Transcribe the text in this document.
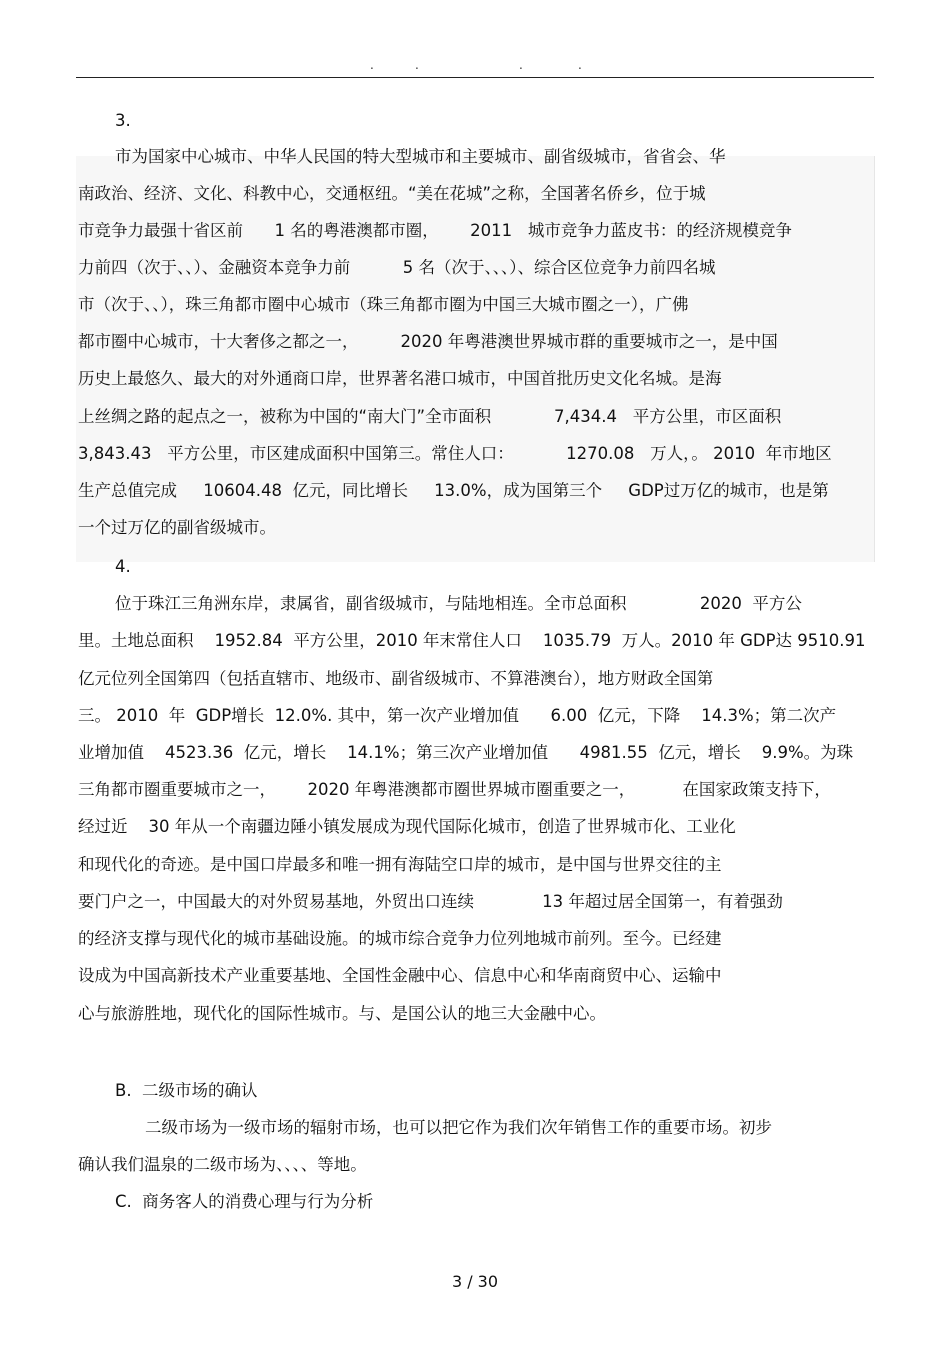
.	.	.	.
3.
市为国家中心城市、中华人民国的特大型城市和主要城市、副省级城市，省省会、华
南政治、经济、文化、科教中心，交通枢纽。“美在花城”之称，全国著名侨乡，位于城
市竞争力最强十省区前      1 名的粤港澳都市圈，      2011   城市竞争力蓝皮书：的经济规模竞争
力前四（次于、、）、金融资本竞争力前          5 名（次于、、、）、综合区位竞争力前四名城
市（次于、、），珠三角都市圈中心城市（珠三角都市圈为中国三大城市圈之一），广佛
都市圈中心城市，十大奢侈之都之一，        2020 年粤港澳世界城市群的重要城市之一，是中国
历史上最悠久、最大的对外通商口岸，世界著名港口城市，中国首批历史文化名城。是海
上丝绸之路的起点之一，被称为中国的“南大门”全市面积            7,434.4   平方公里，市区面积
3,843.43   平方公里，市区建成面积中国第三。常住人口：          1270.08   万人，。 2010  年市地区
生产总值完成     10604.48  亿元，同比增长     13.0%，成为国第三个     GDP过万亿的城市，也是第
一个过万亿的副省级城市。
4.
位于珠江三角洲东岸，隶属省，副省级城市，与陆地相连。全市总面积              2020  平方公
里。土地总面积    1952.84  平方公里，2010 年末常住人口    1035.79  万人。2010 年 GDP达 9510.91
亿元位列全国第四（包括直辖市、地级市、副省级城市、不算港澳台），地方财政全国第
三。 2010  年  GDP增长  12.0%. 其中，第一次产业增加值      6.00  亿元，下降    14.3%；第二次产
业增加值    4523.36  亿元，增长    14.1%；第三次产业增加值      4981.55  亿元，增长    9.9%。为珠
三角都市圈重要城市之一，      2020 年粤港澳都市圈世界城市圈重要之一，         在国家政策支持下，
经过近    30 年从一个南疆边陲小镇发展成为现代国际化城市，创造了世界城市化、工业化
和现代化的奇迹。是中国口岸最多和唯一拥有海陆空口岸的城市，是中国与世界交往的主
要门户之一，中国最大的对外贸易基地，外贸出口连续             13 年超过居全国第一，有着强劲
的经济支撑与现代化的城市基础设施。的城市综合竞争力位列地城市前列。至今。已经建
设成为中国高新技术产业重要基地、全国性金融中心、信息中心和华南商贸中心、运输中
心与旅游胜地，现代化的国际性城市。与、是国公认的地三大金融中心。
B.  二级市场的确认
二级市场为一级市场的辐射市场，也可以把它作为我们次年销售工作的重要市场。初步
确认我们温泉的二级市场为、、、、等地。
C.  商务客人的消费心理与行为分析
3 / 30
